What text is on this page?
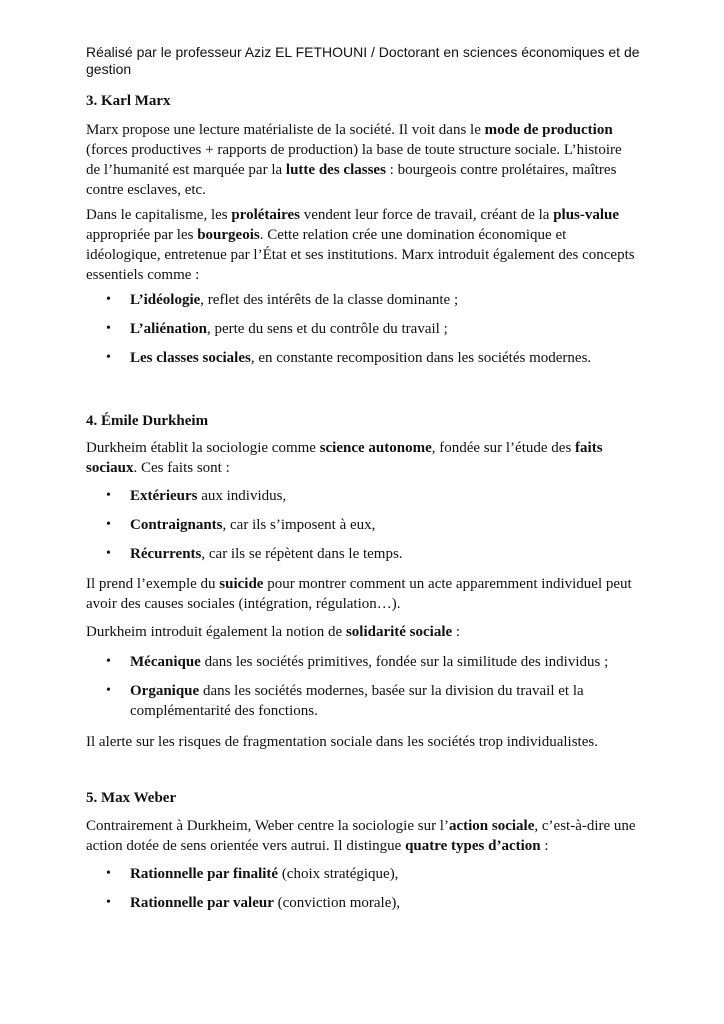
Réalisé par le professeur Aziz EL FETHOUNI / Doctorant en sciences économiques et de gestion
3. Karl Marx

Marx propose une lecture matérialiste de la société. Il voit dans le mode de production (forces productives + rapports de production) la base de toute structure sociale. L’histoire de l’humanité est marquée par la lutte des classes : bourgeois contre prolétaires, maîtres contre esclaves, etc.

Dans le capitalisme, les prolétaires vendent leur force de travail, créant de la plus-value appropriée par les bourgeois. Cette relation crée une domination économique et idéologique, entretenue par l’État et ses institutions. Marx introduit également des concepts essentiels comme :

• L’idéologie, reflet des intérêts de la classe dominante ;
• L’aliénation, perte du sens et du contrôle du travail ;
• Les classes sociales, en constante recomposition dans les sociétés modernes.
4. Émile Durkheim

Durkheim établit la sociologie comme science autonome, fondée sur l’étude des faits sociaux. Ces faits sont :

• Extérieurs aux individus,
• Contraignants, car ils s’imposent à eux,
• Récurrents, car ils se répètent dans le temps.

Il prend l’exemple du suicide pour montrer comment un acte apparemment individuel peut avoir des causes sociales (intégration, régulation…).

Durkheim introduit également la notion de solidarité sociale :

• Mécanique dans les sociétés primitives, fondée sur la similitude des individus ;
• Organique dans les sociétés modernes, basée sur la division du travail et la complémentarité des fonctions.

Il alerte sur les risques de fragmentation sociale dans les sociétés trop individualistes.

5. Max Weber

Contrairement à Durkheim, Weber centre la sociologie sur l’action sociale, c’est-à-dire une action dotée de sens orientée vers autrui. Il distingue quatre types d’action :

• Rationnelle par finalité (choix stratégique),
• Rationnelle par valeur (conviction morale),
